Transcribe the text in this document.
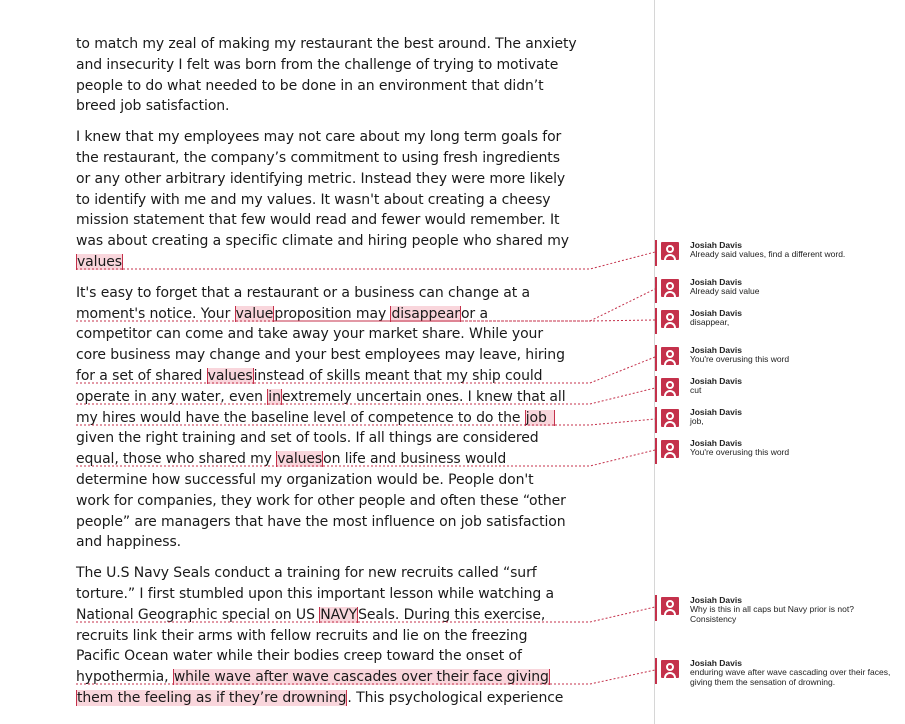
to match my zeal of making my restaurant the best around. The anxiety
and insecurity I felt was born from the challenge of trying to motivate
people to do what needed to be done in an environment that didn’t
breed job satisfaction.
I knew that my employees may not care about my long term goals for
the restaurant, the company’s commitment to using fresh ingredients
or any other arbitrary identifying metric. Instead they were more likely
to identify with me and my values. It wasn't about creating a cheesy
mission statement that few would read and fewer would remember. It
was about creating a specific climate and hiring people who shared my
values
It's easy to forget that a restaurant or a business can change at a
moment's notice. Your valueproposition may disappearor a
competitor can come and take away your market share. While your
core business may change and your best employees may leave, hiring
for a set of shared valuesinstead of skills meant that my ship could
operate in any water, even inextremely uncertain ones. I knew that all
my hires would have the baseline level of competence to do the job
given the right training and set of tools. If all things are considered
equal, those who shared my valueson life and business would
determine how successful my organization would be. People don't
work for companies, they work for other people and often these “other
people” are managers that have the most influence on job satisfaction
and happiness.
The U.S Navy Seals conduct a training for new recruits called “surf
torture.” I first stumbled upon this important lesson while watching a
National Geographic special on US NAVYSeals. During this exercise,
recruits link their arms with fellow recruits and lie on the freezing
Pacific Ocean water while their bodies creep toward the onset of
hypothermia, while wave after wave cascades over their face giving
them the feeling as if they’re drowning. This psychological experience
Josiah Davis
Already said values, find a different word.
Josiah Davis
Already said value
Josiah Davis
disappear,
Josiah Davis
You're overusing this word
Josiah Davis
cut
Josiah Davis
job,
Josiah Davis
You're overusing this word
Josiah Davis
Why is this in all caps but Navy prior is not? Consistency
Josiah Davis
enduring wave after wave cascading over their faces, giving them the sensation of drowning.
